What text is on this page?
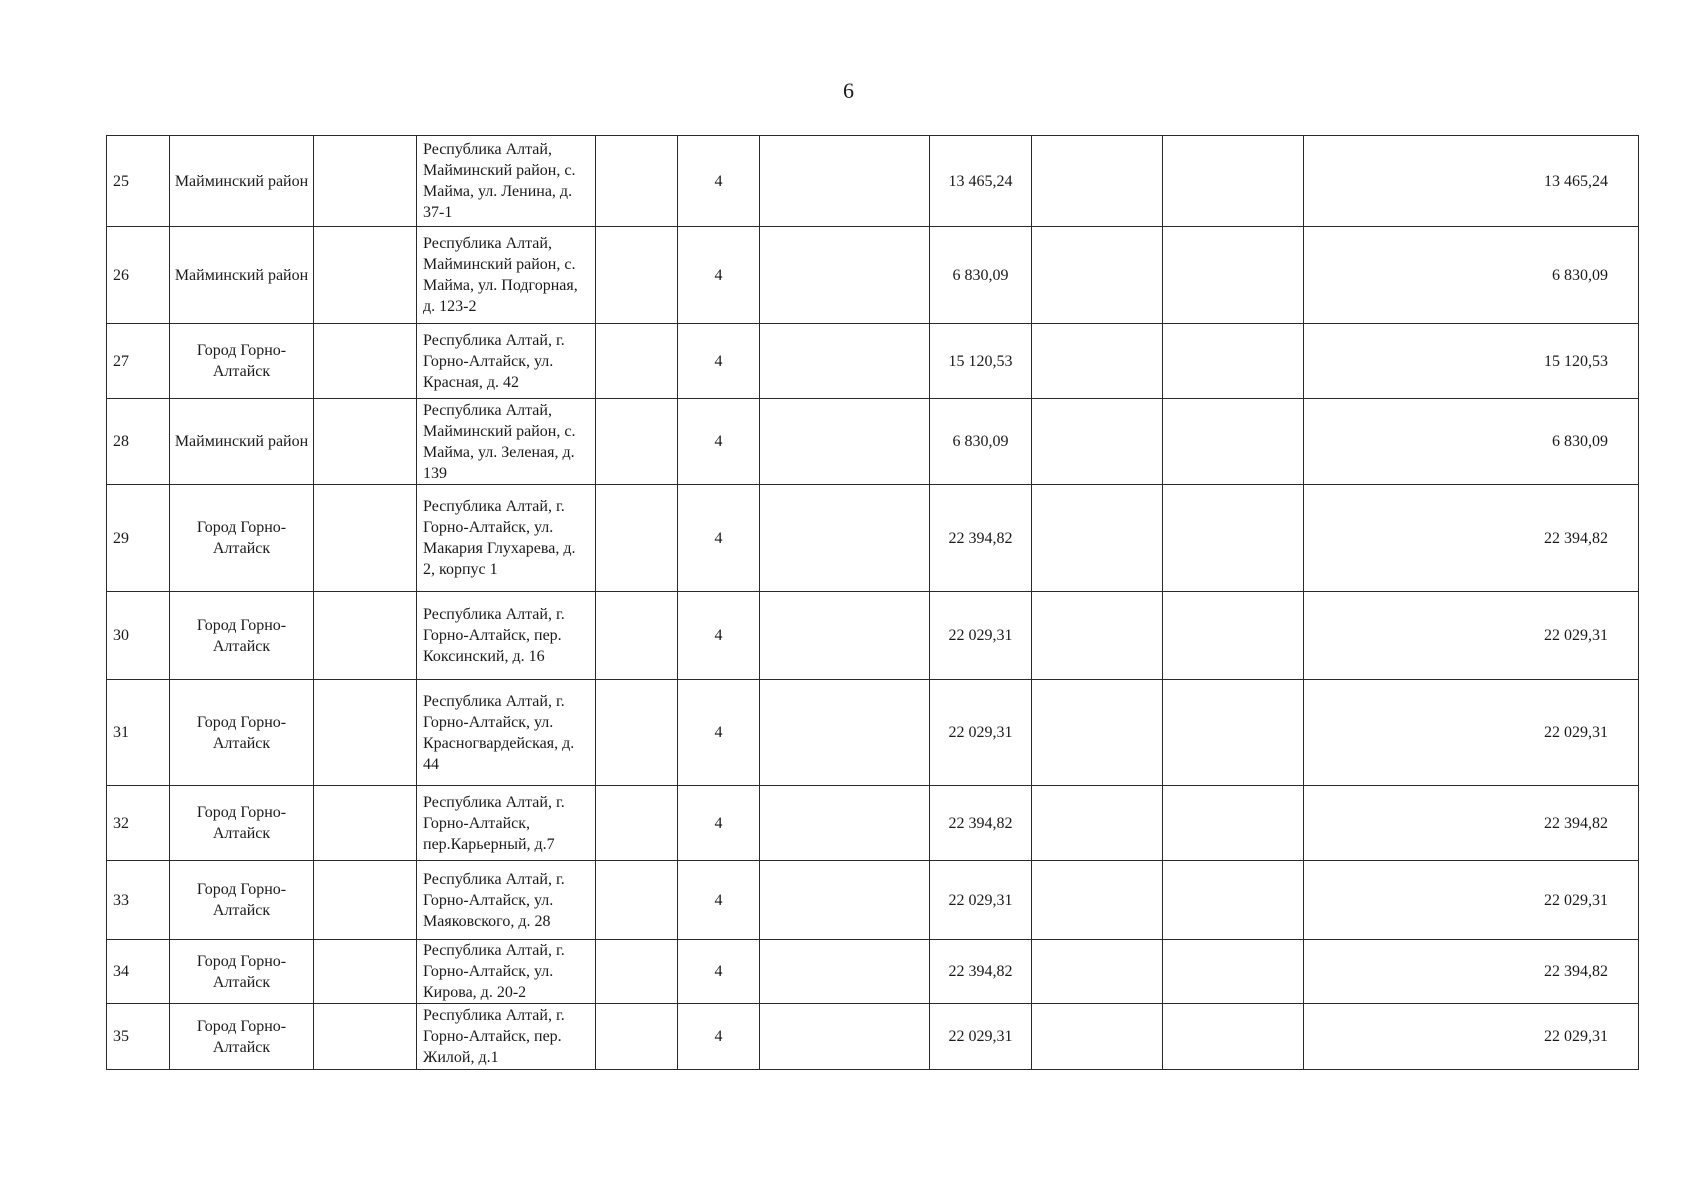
6
25	Майминский район		Республика Алтай, Майминский район, с. Майма, ул. Ленина, д. 37-1		4		13 465,24			13 465,24
26	Майминский район		Республика Алтай, Майминский район, с. Майма, ул. Подгорная, д. 123-2		4		6 830,09			6 830,09
27	Город Горно-Алтайск		Республика Алтай, г. Горно-Алтайск, ул. Красная, д. 42		4		15 120,53			15 120,53
28	Майминский район		Республика Алтай, Майминский район, с. Майма, ул. Зеленая, д. 139		4		6 830,09			6 830,09
29	Город Горно-Алтайск		Республика Алтай, г. Горно-Алтайск, ул. Макария Глухарева, д. 2, корпус 1		4		22 394,82			22 394,82
30	Город Горно-Алтайск		Республика Алтай, г. Горно-Алтайск, пер. Коксинский, д. 16		4		22 029,31			22 029,31
31	Город Горно-Алтайск		Республика Алтай, г. Горно-Алтайск, ул. Красногвардейская, д. 44		4		22 029,31			22 029,31
32	Город Горно-Алтайск		Республика Алтай, г. Горно-Алтайск, пер.Карьерный, д.7		4		22 394,82			22 394,82
33	Город Горно-Алтайск		Республика Алтай, г. Горно-Алтайск, ул. Маяковского, д. 28		4		22 029,31			22 029,31
34	Город Горно-Алтайск		Республика Алтай, г. Горно-Алтайск, ул. Кирова, д. 20-2		4		22 394,82			22 394,82
35	Город Горно-Алтайск		Республика Алтай, г. Горно-Алтайск, пер. Жилой, д.1		4		22 029,31			22 029,31
